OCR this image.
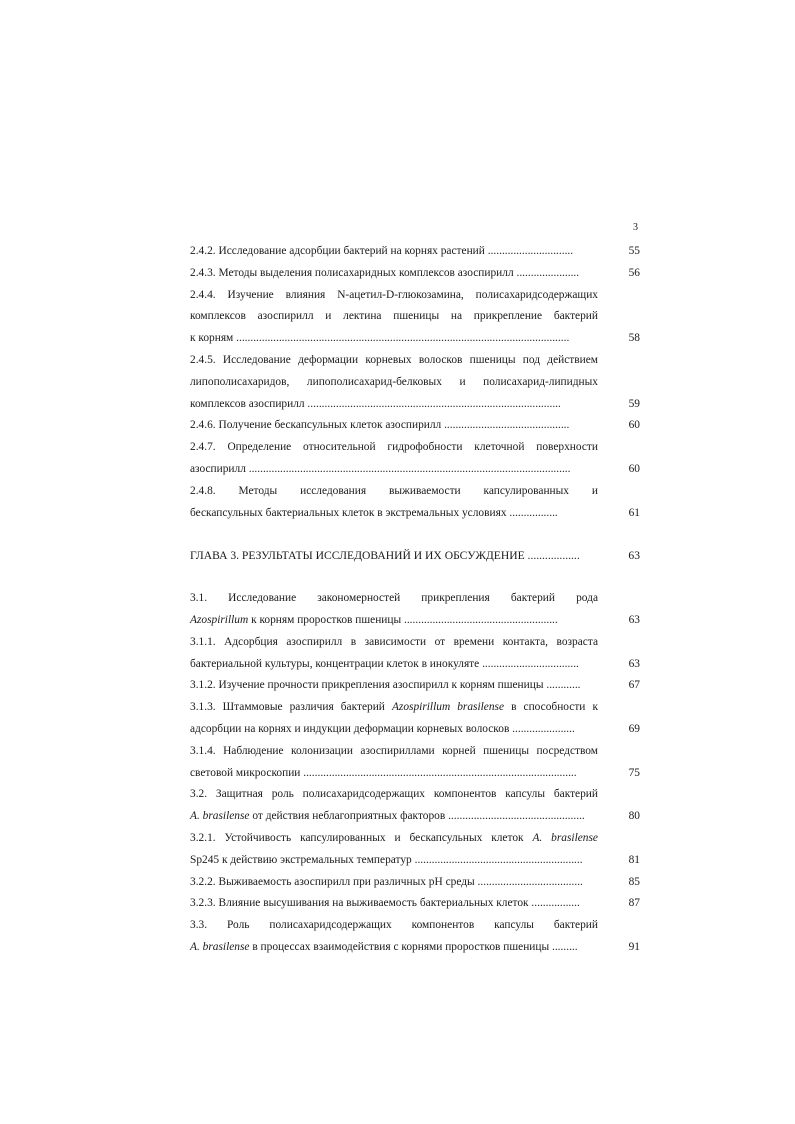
3
2.4.2. Исследование адсорбции бактерий на корнях растений ..............................	55
2.4.3. Методы выделения полисахаридных комплексов азоспирилл ......................	56
2.4.4. Изучение влияния N-ацетил-D-глюкозамина, полисахаридсодержащих
комплексов азоспирилл и лектина пшеницы на прикрепление бактерий
к корням .....................................................................................................................	58
2.4.5. Исследование деформации корневых волосков пшеницы под действием
липополисахаридов, липополисахарид-белковых и полисахарид-липидных
комплексов азоспирилл .........................................................................................	59
2.4.6. Получение бескапсульных клеток азоспирилл ............................................	60
2.4.7. Определение относительной гидрофобности клеточной поверхности
азоспирилл .................................................................................................................	60
2.4.8. Методы исследования выживаемости капсулированных и
бескапсульных бактериальных клеток в экстремальных условиях .................	61
ГЛАВА 3. РЕЗУЛЬТАТЫ ИССЛЕДОВАНИЙ И ИХ ОБСУЖДЕНИЕ ..................	63
3.1. Исследование закономерностей прикрепления бактерий рода
Azospirillum к корням проростков пшеницы ......................................................	63
3.1.1. Адсорбция азоспирилл в зависимости от времени контакта, возраста
бактериальной культуры, концентрации клеток в инокуляте ..................................	63
3.1.2. Изучение прочности прикрепления азоспирилл к корням пшеницы ............	67
3.1.3. Штаммовые различия бактерий Azospirillum brasilense в способности к
адсорбции на корнях и индукции деформации корневых волосков ......................	69
3.1.4. Наблюдение колонизации азоспириллами корней пшеницы посредством
световой микроскопии ................................................................................................	75
3.2. Защитная роль полисахаридсодержащих компонентов капсулы бактерий
A. brasilense от действия неблагоприятных факторов ................................................	80
3.2.1. Устойчивость капсулированных и бескапсульных клеток A. brasilense
Sp245 к действию экстремальных температур ...........................................................	81
3.2.2. Выживаемость азоспирилл при различных pH среды .....................................	85
3.2.3. Влияние высушивания на выживаемость бактериальных клеток .................	87
3.3. Роль полисахаридсодержащих компонентов капсулы бактерий
A. brasilense в процессах взаимодействия с корнями проростков пшеницы .........	91
